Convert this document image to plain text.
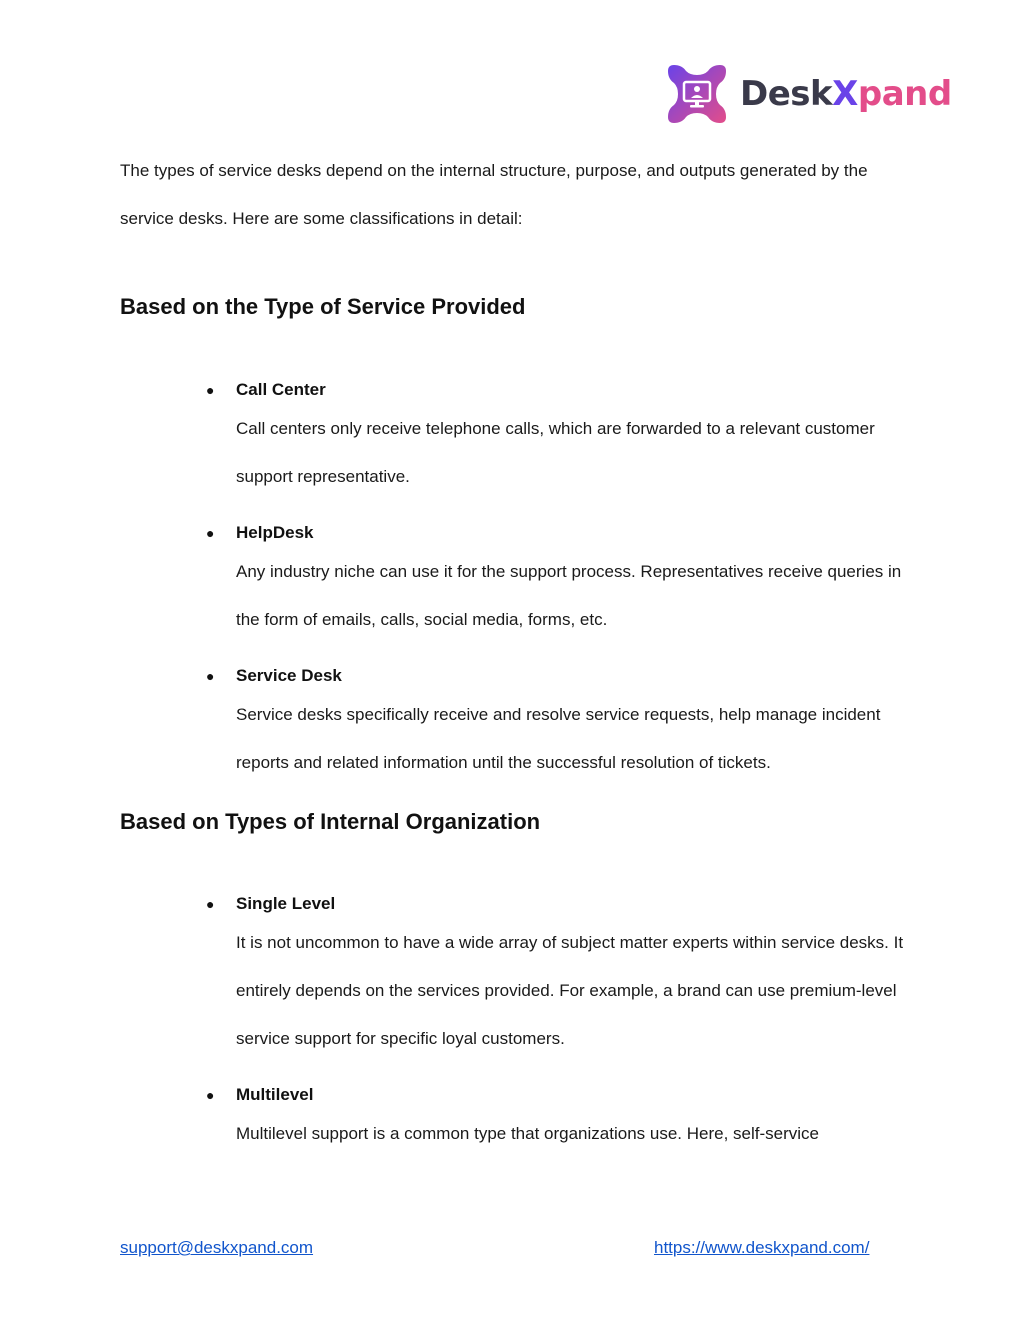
DeskXpand

The types of service desks depend on the internal structure, purpose, and outputs generated by the service desks. Here are some classifications in detail:

Based on the Type of Service Provided
●	Call Center

Call centers only receive telephone calls, which are forwarded to a relevant customer support representative.

●	HelpDesk

Any industry niche can use it for the support process. Representatives receive queries in the form of emails, calls, social media, forms, etc.

●	Service Desk

Service desks specifically receive and resolve service requests, help manage incident reports and related information until the successful resolution of tickets.

Based on Types of Internal Organization
●	Single Level

It is not uncommon to have a wide array of subject matter experts within service desks. It entirely depends on the services provided. For example, a brand can use premium-level service support for specific loyal customers.

●	Multilevel

Multilevel support is a common type that organizations use. Here, self-service

support@deskxpand.com	https://www.deskxpand.com/
